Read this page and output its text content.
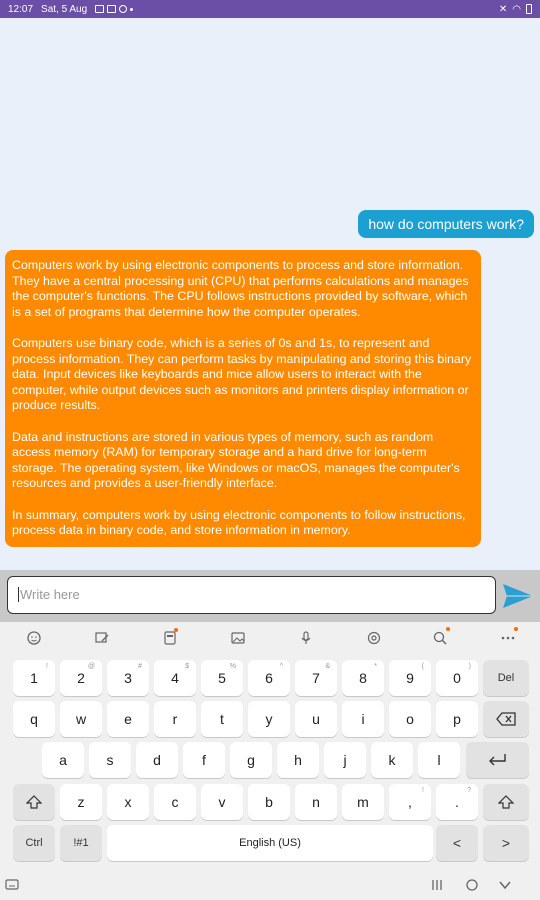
12:07 Sat, 5 Aug	✕ ◠
how do computers work?

Computers work by using electronic components to process and store information. They have a central processing unit (CPU) that performs calculations and manages the computer's functions. The CPU follows instructions provided by software, which is a set of programs that determine how the computer operates.

Computers use binary code, which is a series of 0s and 1s, to represent and process information. They can perform tasks by manipulating and storing this binary data. Input devices like keyboards and mice allow users to interact with the computer, while output devices such as monitors and printers display information or produce results.

Data and instructions are stored in various types of memory, such as random access memory (RAM) for temporary storage and a hard drive for long-term storage. The operating system, like Windows or macOS, manages the computer's resources and provides a user-friendly interface.

In summary, computers work by using electronic components to follow instructions, process data in binary code, and store information in memory.

Write here
1
!
2
@
3
#
4
$
5
%
6
^
7
&
8
*
9
(
0
)
Del
q	w	e	r	t	y	u	i	o	p
a	s	d	f	g	h	j	k	l
z	x	c	v	b	n	m	,
!
.
?
Ctrl	!#1	English (US)	<	>
